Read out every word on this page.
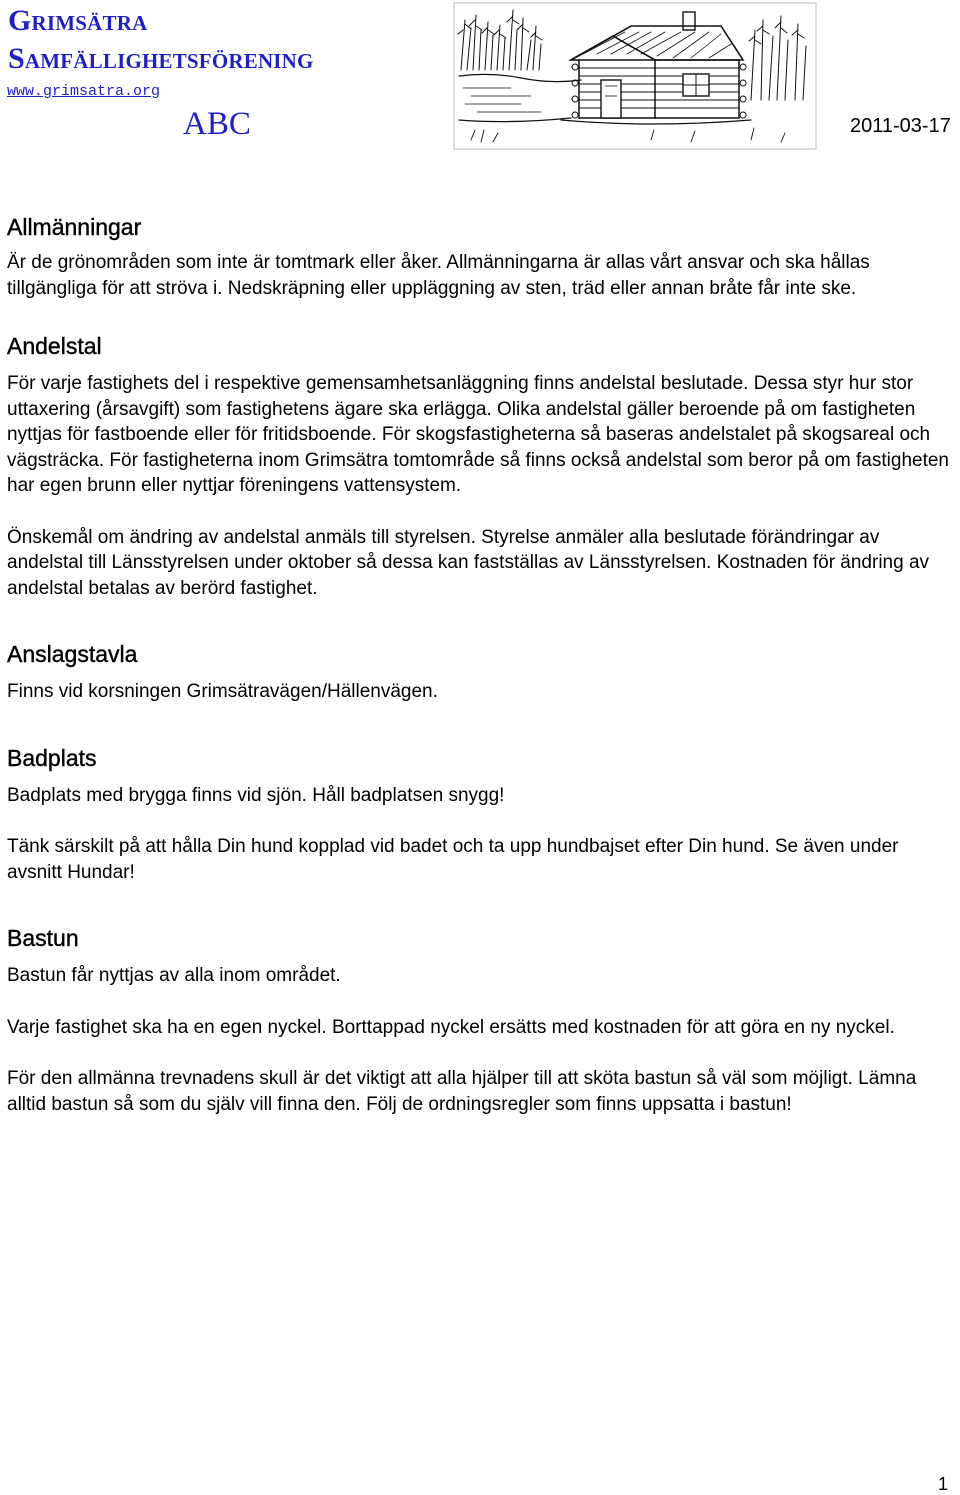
Grimsätra
Samfällighetsförening
www.grimsatra.org
ABC	2011-03-17
Allmänningar

Är de grönområden som inte är tomtmark eller åker. Allmänningarna är allas vårt ansvar och ska hållas tillgängliga för att ströva i. Nedskräpning eller uppläggning av sten, träd eller annan bråte får inte ske.

Andelstal

För varje fastighets del i respektive gemensamhetsanläggning finns andelstal beslutade. Dessa styr hur stor uttaxering (årsavgift) som fastighetens ägare ska erlägga. Olika andelstal gäller beroende på om fastigheten nyttjas för fastboende eller för fritidsboende. För skogsfastigheterna så baseras andelstalet på skogsareal och vägsträcka. För fastigheterna inom Grimsätra tomtområde så finns också andelstal som beror på om fastigheten har egen brunn eller nyttjar föreningens vattensystem.

Önskemål om ändring av andelstal anmäls till styrelsen. Styrelse anmäler alla beslutade förändringar av andelstal till Länsstyrelsen under oktober så dessa kan fastställas av Länsstyrelsen. Kostnaden för ändring av andelstal betalas av berörd fastighet.

Anslagstavla

Finns vid korsningen Grimsätravägen/Hällenvägen.

Badplats

Badplats med brygga finns vid sjön. Håll badplatsen snygg!

Tänk särskilt på att hålla Din hund kopplad vid badet och ta upp hundbajset efter Din hund. Se även under avsnitt Hundar!

Bastun

Bastun får nyttjas av alla inom området.

Varje fastighet ska ha en egen nyckel. Borttappad nyckel ersätts med kostnaden för att göra en ny nyckel.

För den allmänna trevnadens skull är det viktigt att alla hjälper till att sköta bastun så väl som möjligt. Lämna alltid bastun så som du själv vill finna den. Följ de ordningsregler som finns uppsatta i bastun!

1
